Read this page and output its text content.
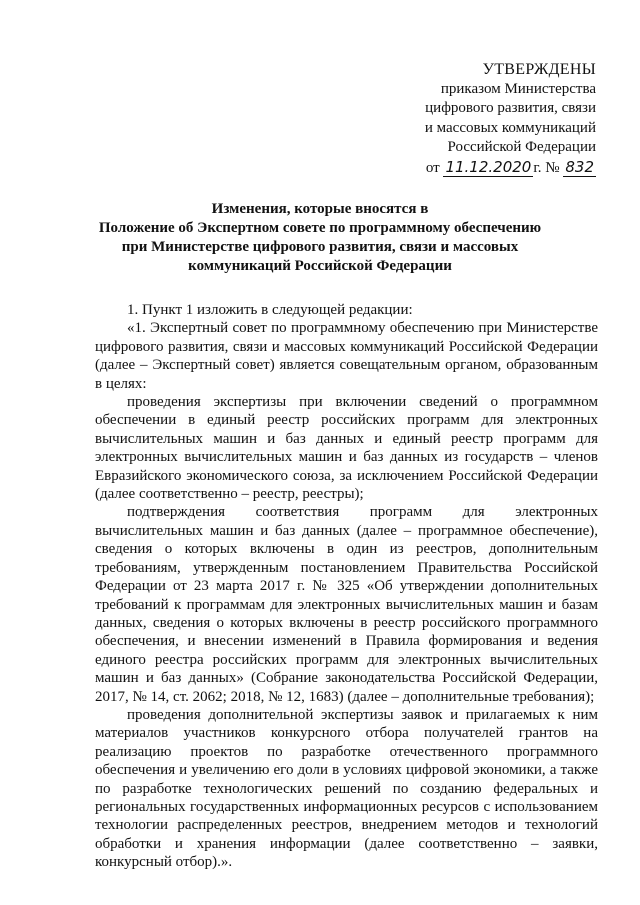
УТВЕРЖДЕНЫ
приказом Министерства
цифрового развития, связи
и массовых коммуникаций
Российской Федерации
от 11.12.2020 г. № 832
Изменения, которые вносятся в
Положение об Экспертном совете по программному обеспечению
при Министерстве цифрового развития, связи и массовых
коммуникаций Российской Федерации

1. Пункт 1 изложить в следующей редакции:

«1. Экспертный совет по программному обеспечению при Министерстве цифрового развития, связи и массовых коммуникаций Российской Федерации (далее – Экспертный совет) является совещательным органом, образованным в целях:

проведения экспертизы при включении сведений о программном обеспечении в единый реестр российских программ для электронных вычислительных машин и баз данных и единый реестр программ для электронных вычислительных машин и баз данных из государств – членов Евразийского экономического союза, за исключением Российской Федерации (далее соответственно – реестр, реестры);

подтверждения соответствия программ для электронных вычислительных машин и баз данных (далее – программное обеспечение), сведения о которых включены в один из реестров, дополнительным требованиям, утвержденным постановлением Правительства Российской Федерации от 23 марта 2017 г. № 325 «Об утверждении дополнительных требований к программам для электронных вычислительных машин и базам данных, сведения о которых включены в реестр российского программного обеспечения, и внесении изменений в Правила формирования и ведения единого реестра российских программ для электронных вычислительных машин и баз данных» (Собрание законодательства Российской Федерации, 2017, № 14, ст. 2062; 2018, № 12, 1683) (далее – дополнительные требования);

проведения дополнительной экспертизы заявок и прилагаемых к ним материалов участников конкурсного отбора получателей грантов на реализацию проектов по разработке отечественного программного обеспечения и увеличению его доли в условиях цифровой экономики, а также по разработке технологических решений по созданию федеральных и региональных государственных информационных ресурсов с использованием технологии распределенных реестров, внедрением методов и технологий обработки и хранения информации (далее соответственно – заявки, конкурсный отбор).».
